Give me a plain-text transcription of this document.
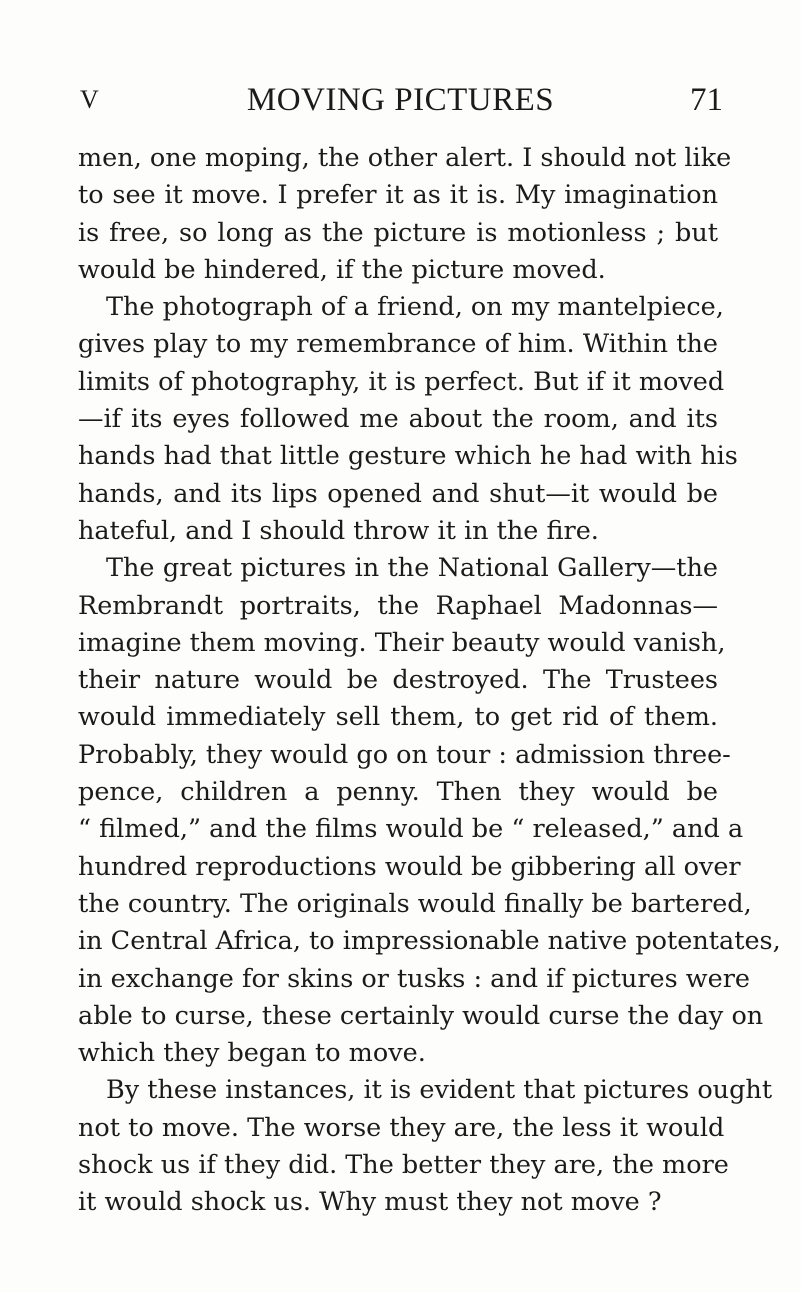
V	MOVING PICTURES	71
men, one moping, the other alert. I should not like
to see it move. I prefer it as it is. My imagination
is free, so long as the picture is motionless ; but
would be hindered, if the picture moved.
The photograph of a friend, on my mantelpiece,
gives play to my remembrance of him. Within the
limits of photography, it is perfect. But if it moved
—if its eyes followed me about the room, and its
hands had that little gesture which he had with his
hands, and its lips opened and shut—it would be
hateful, and I should throw it in the fire.
The great pictures in the National Gallery—the
Rembrandt portraits, the Raphael Madonnas—
imagine them moving. Their beauty would vanish,
their nature would be destroyed. The Trustees
would immediately sell them, to get rid of them.
Probably, they would go on tour : admission three-
pence, children a penny. Then they would be
“ filmed,” and the films would be “ released,” and a
hundred reproductions would be gibbering all over
the country. The originals would finally be bartered,
in Central Africa, to impressionable native potentates,
in exchange for skins or tusks : and if pictures were
able to curse, these certainly would curse the day on
which they began to move.
By these instances, it is evident that pictures ought
not to move. The worse they are, the less it would
shock us if they did. The better they are, the more
it would shock us. Why must they not move ?
